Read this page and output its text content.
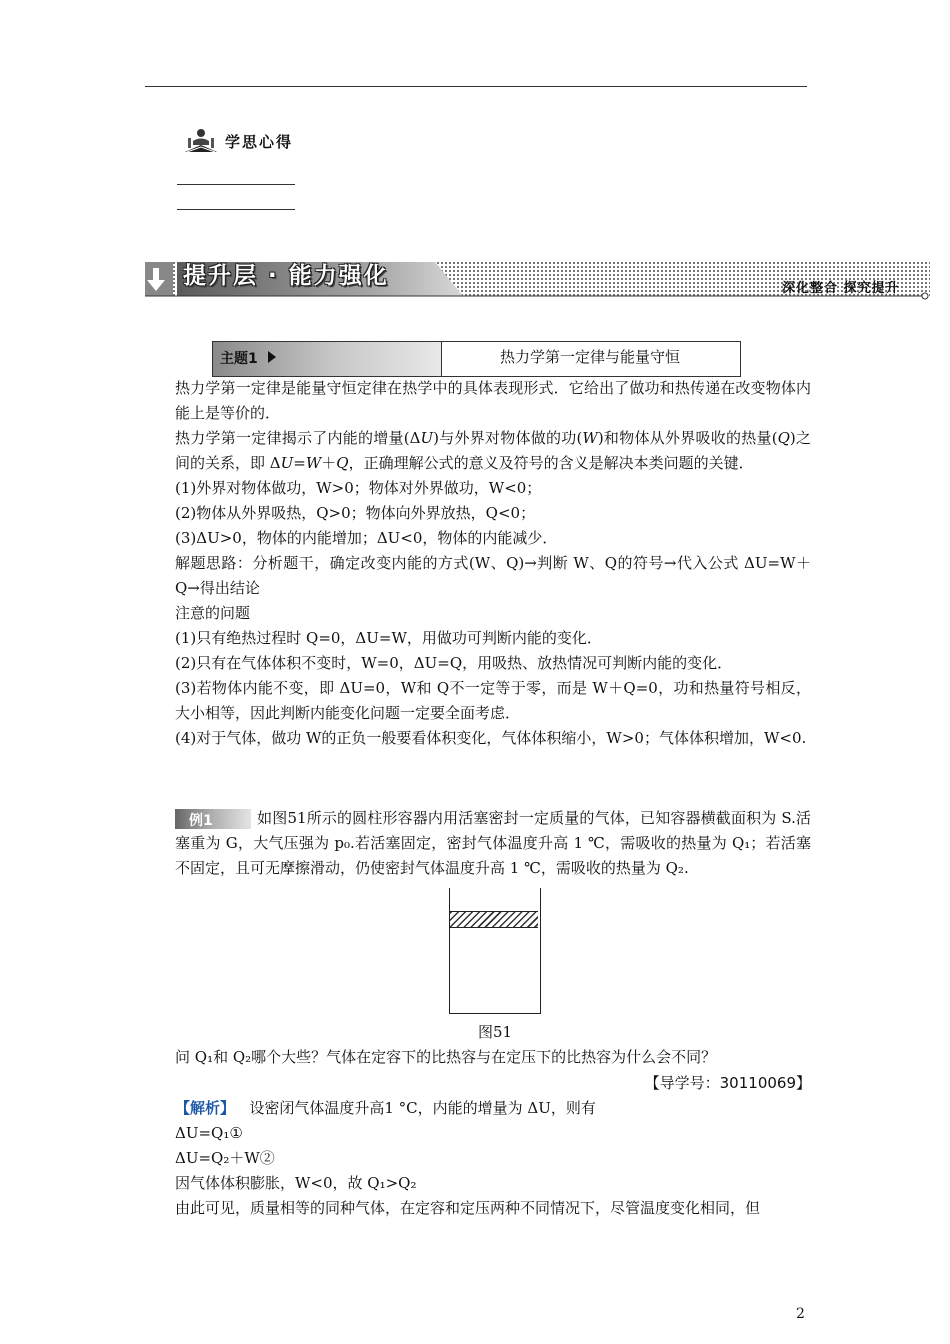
学思心得
提升层 · 能力强化	深化整合 探究提升
主题1	热力学第一定律与能量守恒

热力学第一定律是能量守恒定律在热学中的具体表现形式．它给出了做功和热传递在改变物体内能上是等价的．

热力学第一定律揭示了内能的增量(ΔU)与外界对物体做的功(W)和物体从外界吸收的热量(Q)之间的关系，即 ΔU=W＋Q，正确理解公式的意义及符号的含义是解决本类问题的关键．

(1)外界对物体做功，W>0；物体对外界做功，W<0；

(2)物体从外界吸热，Q>0；物体向外界放热，Q<0；

(3)ΔU>0，物体的内能增加；ΔU<0，物体的内能减少．

解题思路：分析题干，确定改变内能的方式(W、Q)→判断 W、Q的符号→代入公式 ΔU=W＋Q→得出结论

注意的问题

(1)只有绝热过程时 Q=0，ΔU=W，用做功可判断内能的变化．

(2)只有在气体体积不变时，W=0，ΔU=Q，用吸热、放热情况可判断内能的变化．

(3)若物体内能不变，即 ΔU=0，W和 Q不一定等于零，而是 W＋Q=0，功和热量符号相反，大小相等，因此判断内能变化问题一定要全面考虑．

(4)对于气体，做功 W的正负一般要看体积变化，气体体积缩小，W>0；气体体积增加，W<0.

例1	如图51所示的圆柱形容器内用活塞密封一定质量的气体，已知容器横截面积为 S.活塞重为 G，大气压强为 p₀.若活塞固定，密封气体温度升高 1 ℃，需吸收的热量为 Q₁；若活塞不固定，且可无摩擦滑动，仍使密封气体温度升高 1 ℃，需吸收的热量为 Q₂.

图51

问 Q₁和 Q₂哪个大些？气体在定容下的比热容与在定压下的比热容为什么会不同？

【导学号：30110069】

【解析】 设密闭气体温度升高1 °C，内能的增量为 ΔU，则有

ΔU=Q₁①

ΔU=Q₂＋W②

因气体体积膨胀，W<0，故 Q₁>Q₂

由此可见，质量相等的同种气体，在定容和定压两种不同情况下，尽管温度变化相同，但

2
